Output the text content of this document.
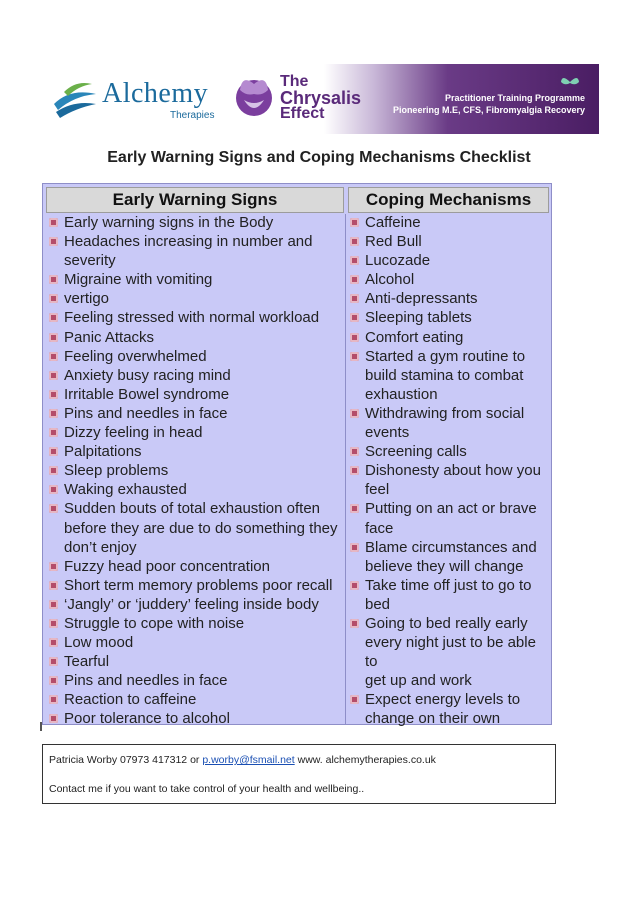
Alchemy
Therapies
The
Chrysalis
Effect
Practitioner Training Programme
Pioneering M.E, CFS, Fibromyalgia Recovery
Early Warning Signs and Coping Mechanisms Checklist
Early Warning Signs	Coping Mechanisms
Early warning signs in the Body
Headaches increasing in number and
severity
Migraine with vomiting
vertigo
Feeling stressed with normal workload
Panic Attacks
Feeling overwhelmed
Anxiety busy racing mind
Irritable Bowel syndrome
Pins and needles in face
Dizzy feeling in head
Palpitations
Sleep problems
Waking exhausted
Sudden bouts of total exhaustion often
before they are due to do something they
don’t enjoy
Fuzzy head poor concentration
Short term memory problems poor recall
‘Jangly’ or ‘juddery’ feeling inside body
Struggle to cope with noise
Low mood
Tearful
Pins and needles in face
Reaction to caffeine
Poor tolerance to alcohol
Caffeine
Red Bull
Lucozade
Alcohol
Anti-depressants
Sleeping tablets
Comfort eating
Started a gym routine to
build stamina to combat
exhaustion
Withdrawing from social
events
Screening calls
Dishonesty about how you
feel
Putting on an act or brave
face
Blame circumstances and
believe they will change
Take time off just to go to
bed
Going to bed really early
every night just to be able to
get up and work
Expect energy levels to
change on their own
Patricia Worby 07973 417312 or p.worby@fsmail.net www. alchemytherapies.co.uk
Contact me if you want to take control of your health and wellbeing..
